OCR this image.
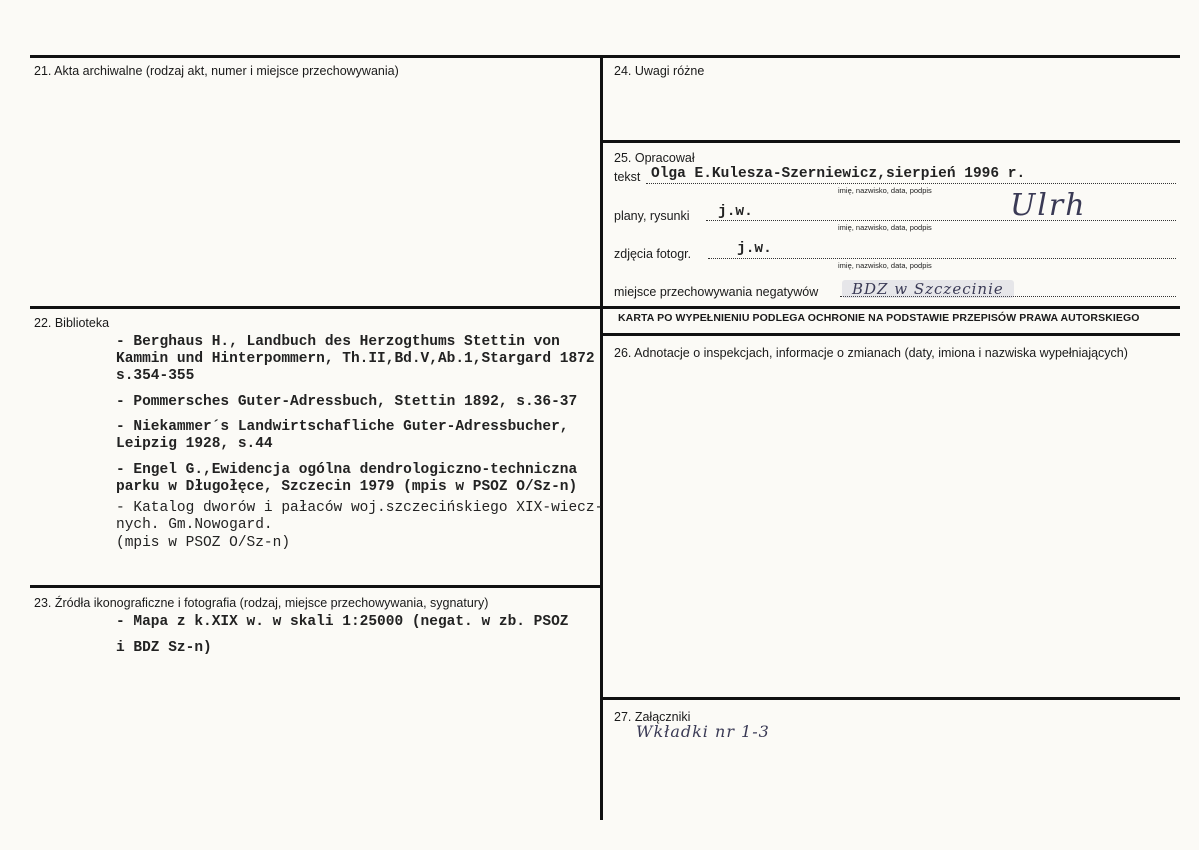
21. Akta archiwalne (rodzaj akt, numer i miejsce przechowywania)
22. Biblioteka
- Berghaus H., Landbuch des Herzogthums Stettin von
Kammin und Hinterpommern, Th.II,Bd.V,Ab.1,Stargard 1872
s.354-355
- Pommersches Guter-Adressbuch, Stettin 1892, s.36-37
- Niekammer´s Landwirtschafliche Guter-Adressbucher,
Leipzig 1928, s.44
- Engel G.,Ewidencja ogólna dendrologiczno-techniczna
parku w Długołęce, Szczecin 1979 (mpis w PSOZ O/Sz-n)
- Katalog dworów i pałaców woj.szczecińskiego XIX-wiecz-
nych. Gm.Nowogard.
(mpis w PSOZ O/Sz-n)
23. Źródła ikonograficzne i fotografia (rodzaj, miejsce przechowywania, sygnatury)
- Mapa z k.XIX w. w skali 1:25000 (negat. w zb. PSOZ
i BDZ Sz-n)
24. Uwagi różne
25. Opracował
tekst Olga E.Kulesza-Szerniewicz,sierpień 1996 r.
imię, nazwisko, data, podpis
plany, rysunki j.w.	Ulrh
imię, nazwisko, data, podpis
zdjęcia fotogr.	j.w.
imię, nazwisko, data, podpis
miejsce przechowywania negatywów BDZ w Szczecinie
KARTA PO WYPEŁNIENIU PODLEGA OCHRONIE NA PODSTAWIE PRZEPISÓW PRAWA AUTORSKIEGO
26. Adnotacje o inspekcjach, informacje o zmianach (daty, imiona i nazwiska wypełniających)
27. Załączniki
Wkładki nr 1-3
